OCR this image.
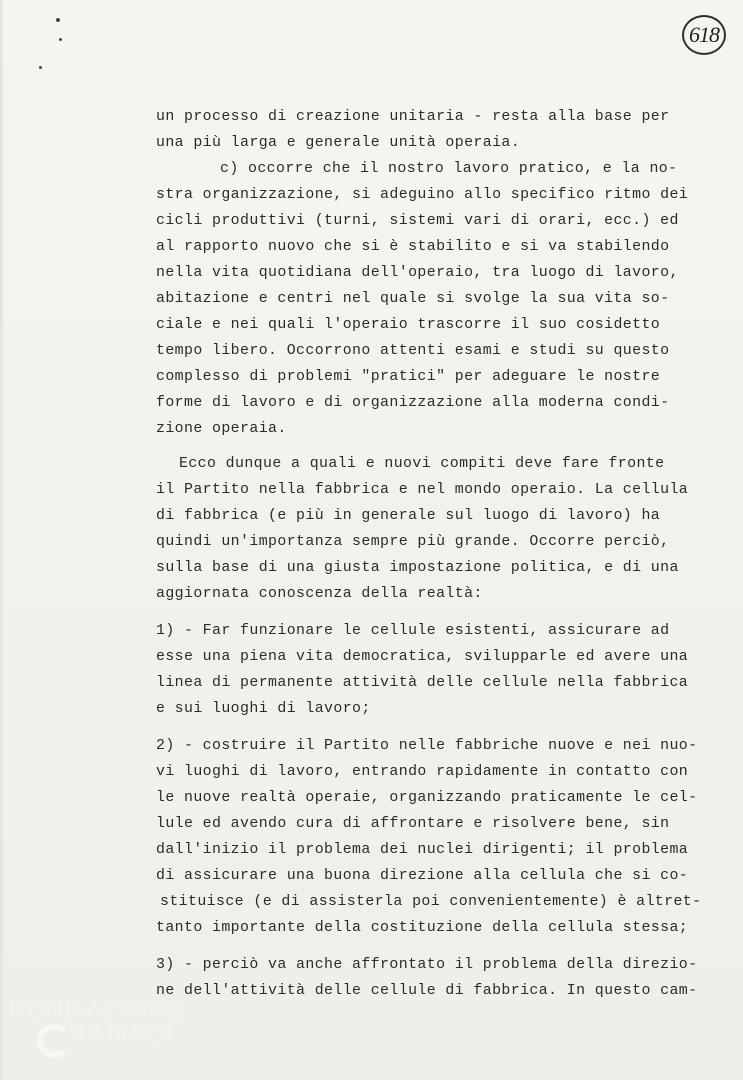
618
un processo di creazione unitaria - resta alla base per
una più larga e generale unità operaia.
c) occorre che il nostro lavoro pratico, e la no-
stra organizzazione, si adeguino allo specifico ritmo dei
cicli produttivi (turni, sistemi vari di orari, ecc.) ed
al rapporto nuovo che si è stabilito e si va stabilendo
nella vita quotidiana dell'operaio, tra luogo di lavoro,
abitazione e centri nel quale si svolge la sua vita so-
ciale e nei quali l'operaio trascorre il suo cosidetto
tempo libero. Occorrono attenti esami e studi su questo
complesso di problemi "pratici" per adeguare le nostre
forme di lavoro e di organizzazione alla moderna condi-
zione operaia.
Ecco dunque a quali e nuovi compiti deve fare fronte
il Partito nella fabbrica e nel mondo operaio. La cellula
di fabbrica (e più in generale sul luogo di lavoro) ha
quindi un'importanza sempre più grande. Occorre perciò,
sulla base di una giusta impostazione politica, e di una
aggiornata conoscenza della realtà:
1) - Far funzionare le cellule esistenti, assicurare ad
esse una piena vita democratica, svilupparle ed avere una
linea di permanente attività delle cellule nella fabbrica
e sui luoghi di lavoro;
2) - costruire il Partito nelle fabbriche nuove e nei nuo-
vi luoghi di lavoro, entrando rapidamente in contatto con
le nuove realtà operaie, organizzando praticamente le cel-
lule ed avendo cura di affrontare e risolvere bene, sin
dall'inizio il problema dei nuclei dirigenti; il problema
di assicurare una buona direzione alla cellula che si co-
stituisce (e di assisterla poi convenientemente) è altret-
tanto importante della costituzione della cellula stessa;
3) - perciò va anche affrontato il problema della direzio-
ne dell'attività delle cellule di fabbrica. In questo cam-
FONDAZIONE
RAMSCI
